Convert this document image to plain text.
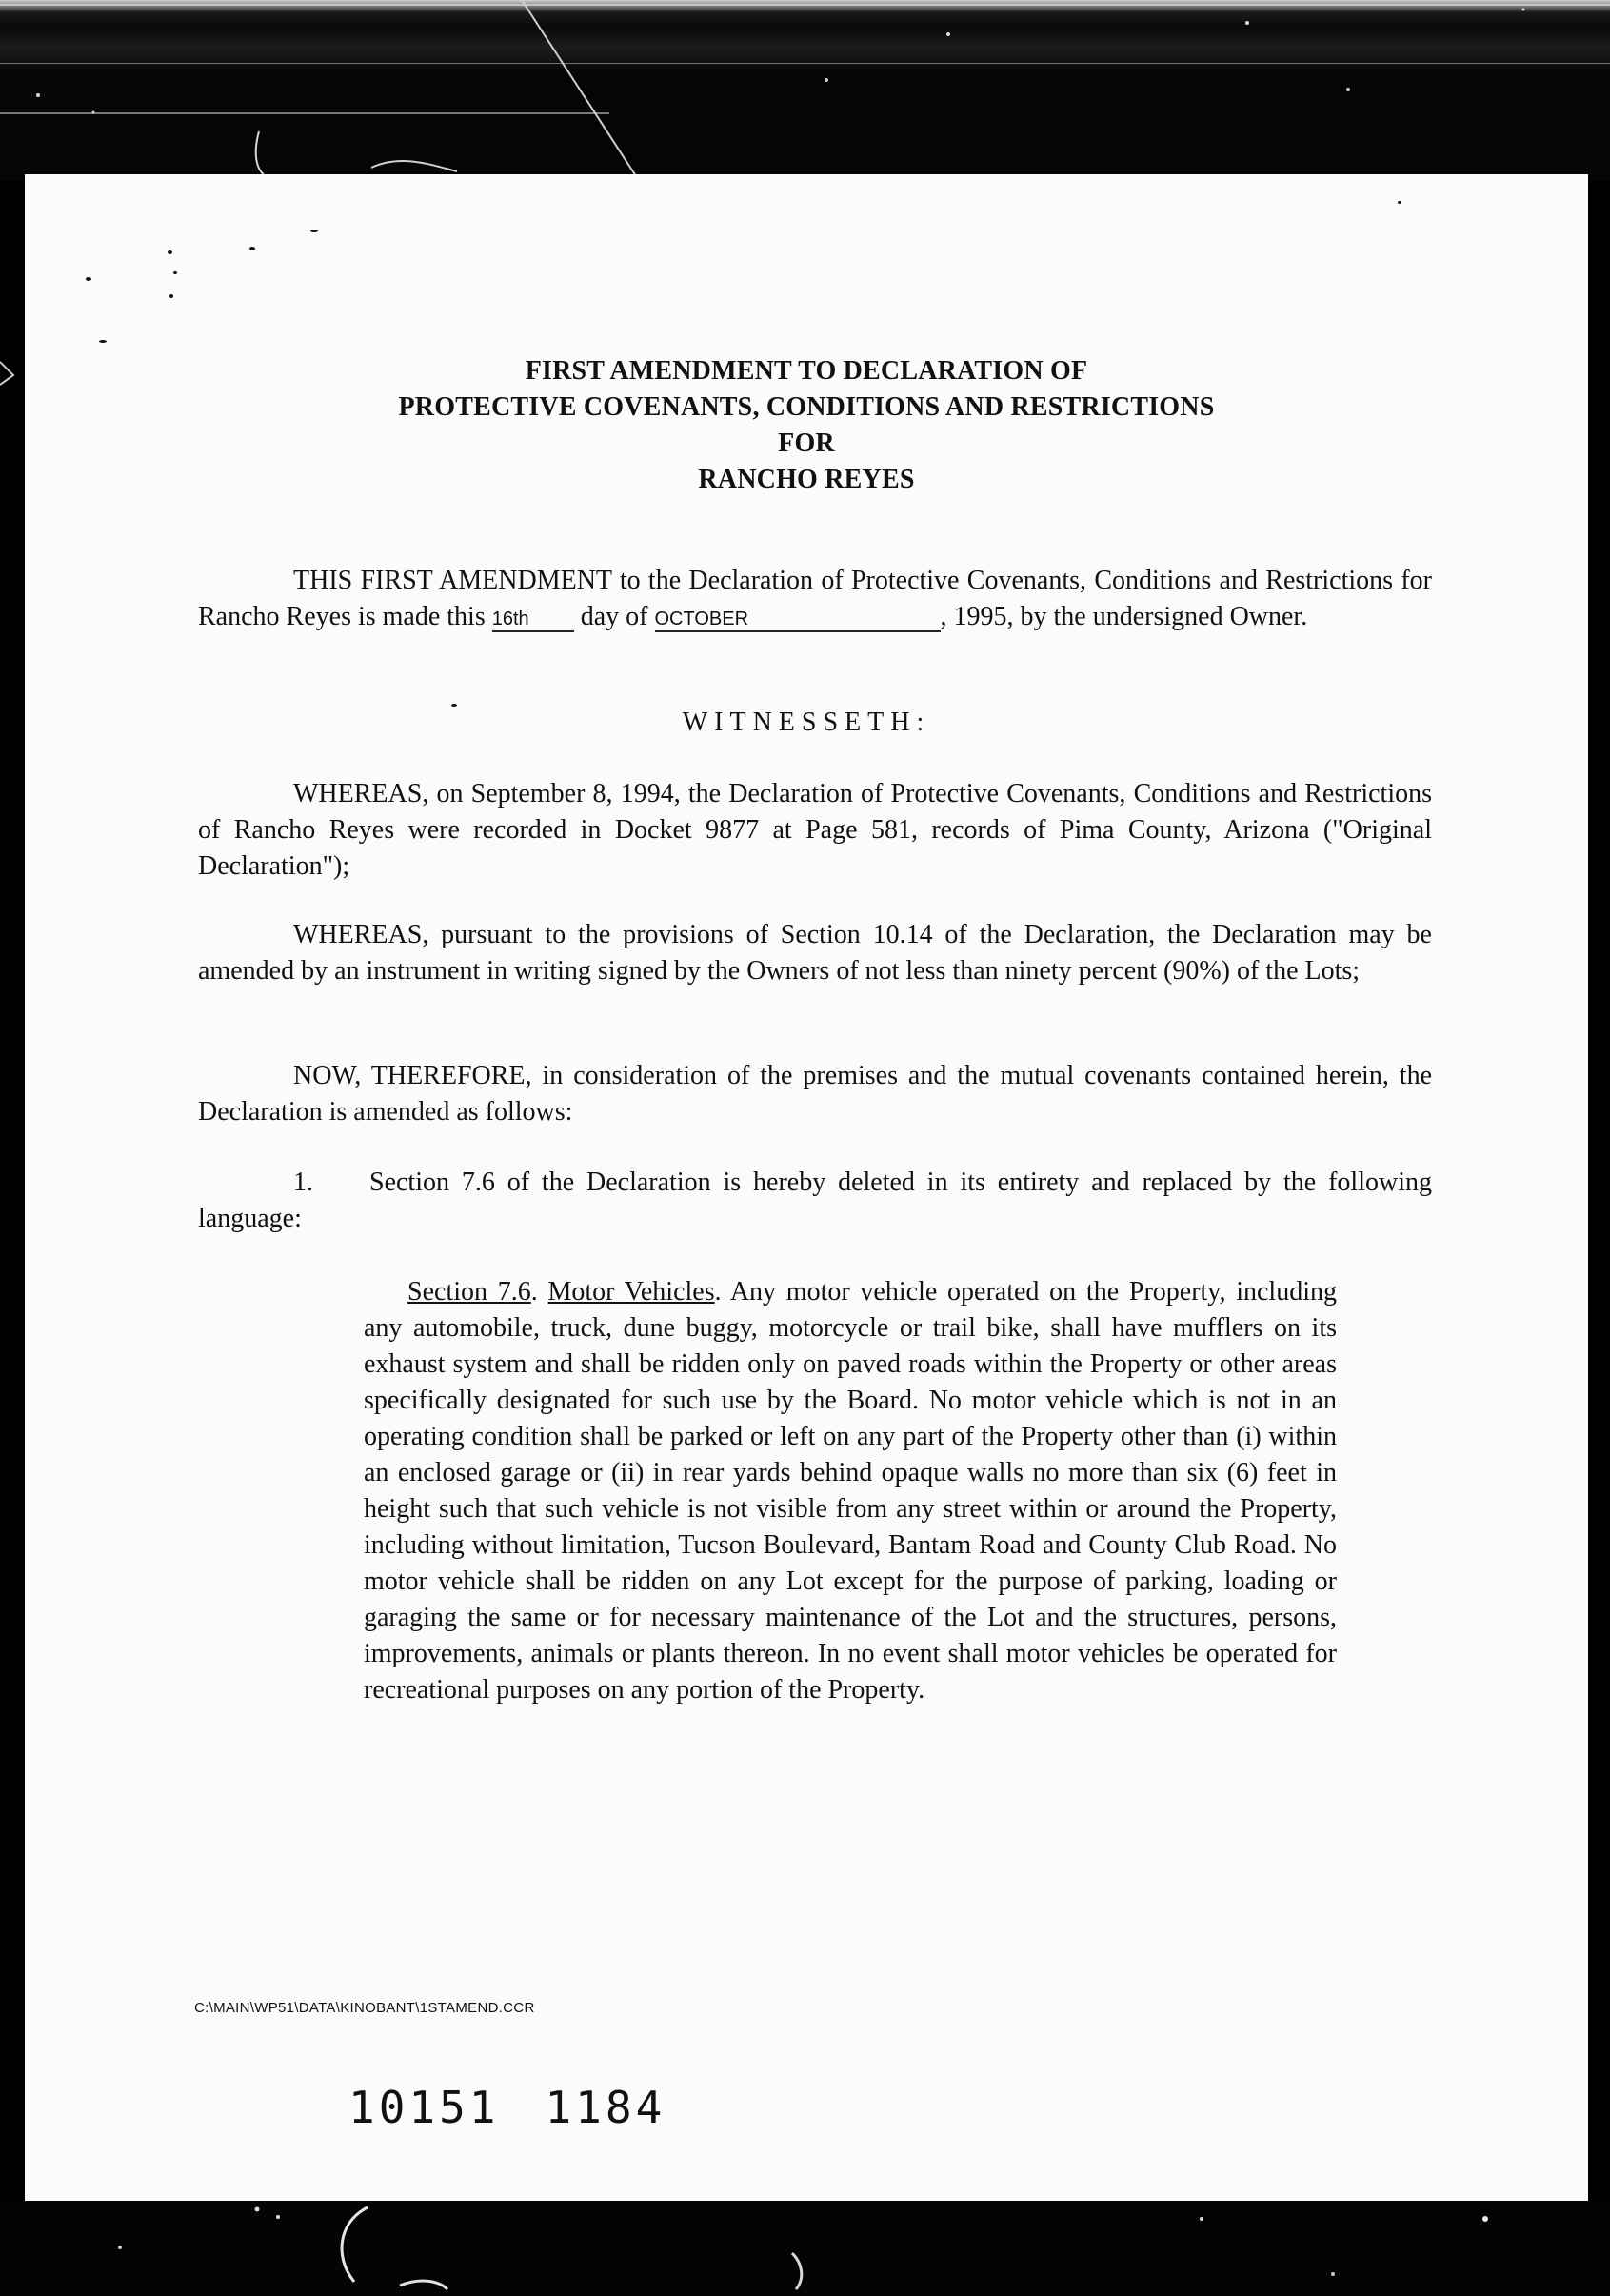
FIRST AMENDMENT TO DECLARATION OF
PROTECTIVE COVENANTS, CONDITIONS AND RESTRICTIONS
FOR
RANCHO REYES
THIS FIRST AMENDMENT to the Declaration of Protective Covenants, Conditions and Restrictions for Rancho Reyes is made this 16th day of OCTOBER	, 1995, by the undersigned Owner.
WITNESSETH:
WHEREAS, on September 8, 1994, the Declaration of Protective Covenants, Conditions and Restrictions of Rancho Reyes were recorded in Docket 9877 at Page 581, records of Pima County, Arizona ("Original Declaration");
WHEREAS, pursuant to the provisions of Section 10.14 of the Declaration, the Declaration may be amended by an instrument in writing signed by the Owners of not less than ninety percent (90%) of the Lots;
NOW, THEREFORE, in consideration of the premises and the mutual covenants contained herein, the Declaration is amended as follows:
1. Section 7.6 of the Declaration is hereby deleted in its entirety and replaced by the following language:
Section 7.6. Motor Vehicles. Any motor vehicle operated on the Property, including any automobile, truck, dune buggy, motorcycle or trail bike, shall have mufflers on its exhaust system and shall be ridden only on paved roads within the Property or other areas specifically designated for such use by the Board. No motor vehicle which is not in an operating condition shall be parked or left on any part of the Property other than (i) within an enclosed garage or (ii) in rear yards behind opaque walls no more than six (6) feet in height such that such vehicle is not visible from any street within or around the Property, including without limitation, Tucson Boulevard, Bantam Road and County Club Road. No motor vehicle shall be ridden on any Lot except for the purpose of parking, loading or garaging the same or for necessary maintenance of the Lot and the structures, persons, improvements, animals or plants thereon. In no event shall motor vehicles be operated for recreational purposes on any portion of the Property.
C:\MAIN\WP51\DATA\KINOBANT\1STAMEND.CCR
10151 1184
